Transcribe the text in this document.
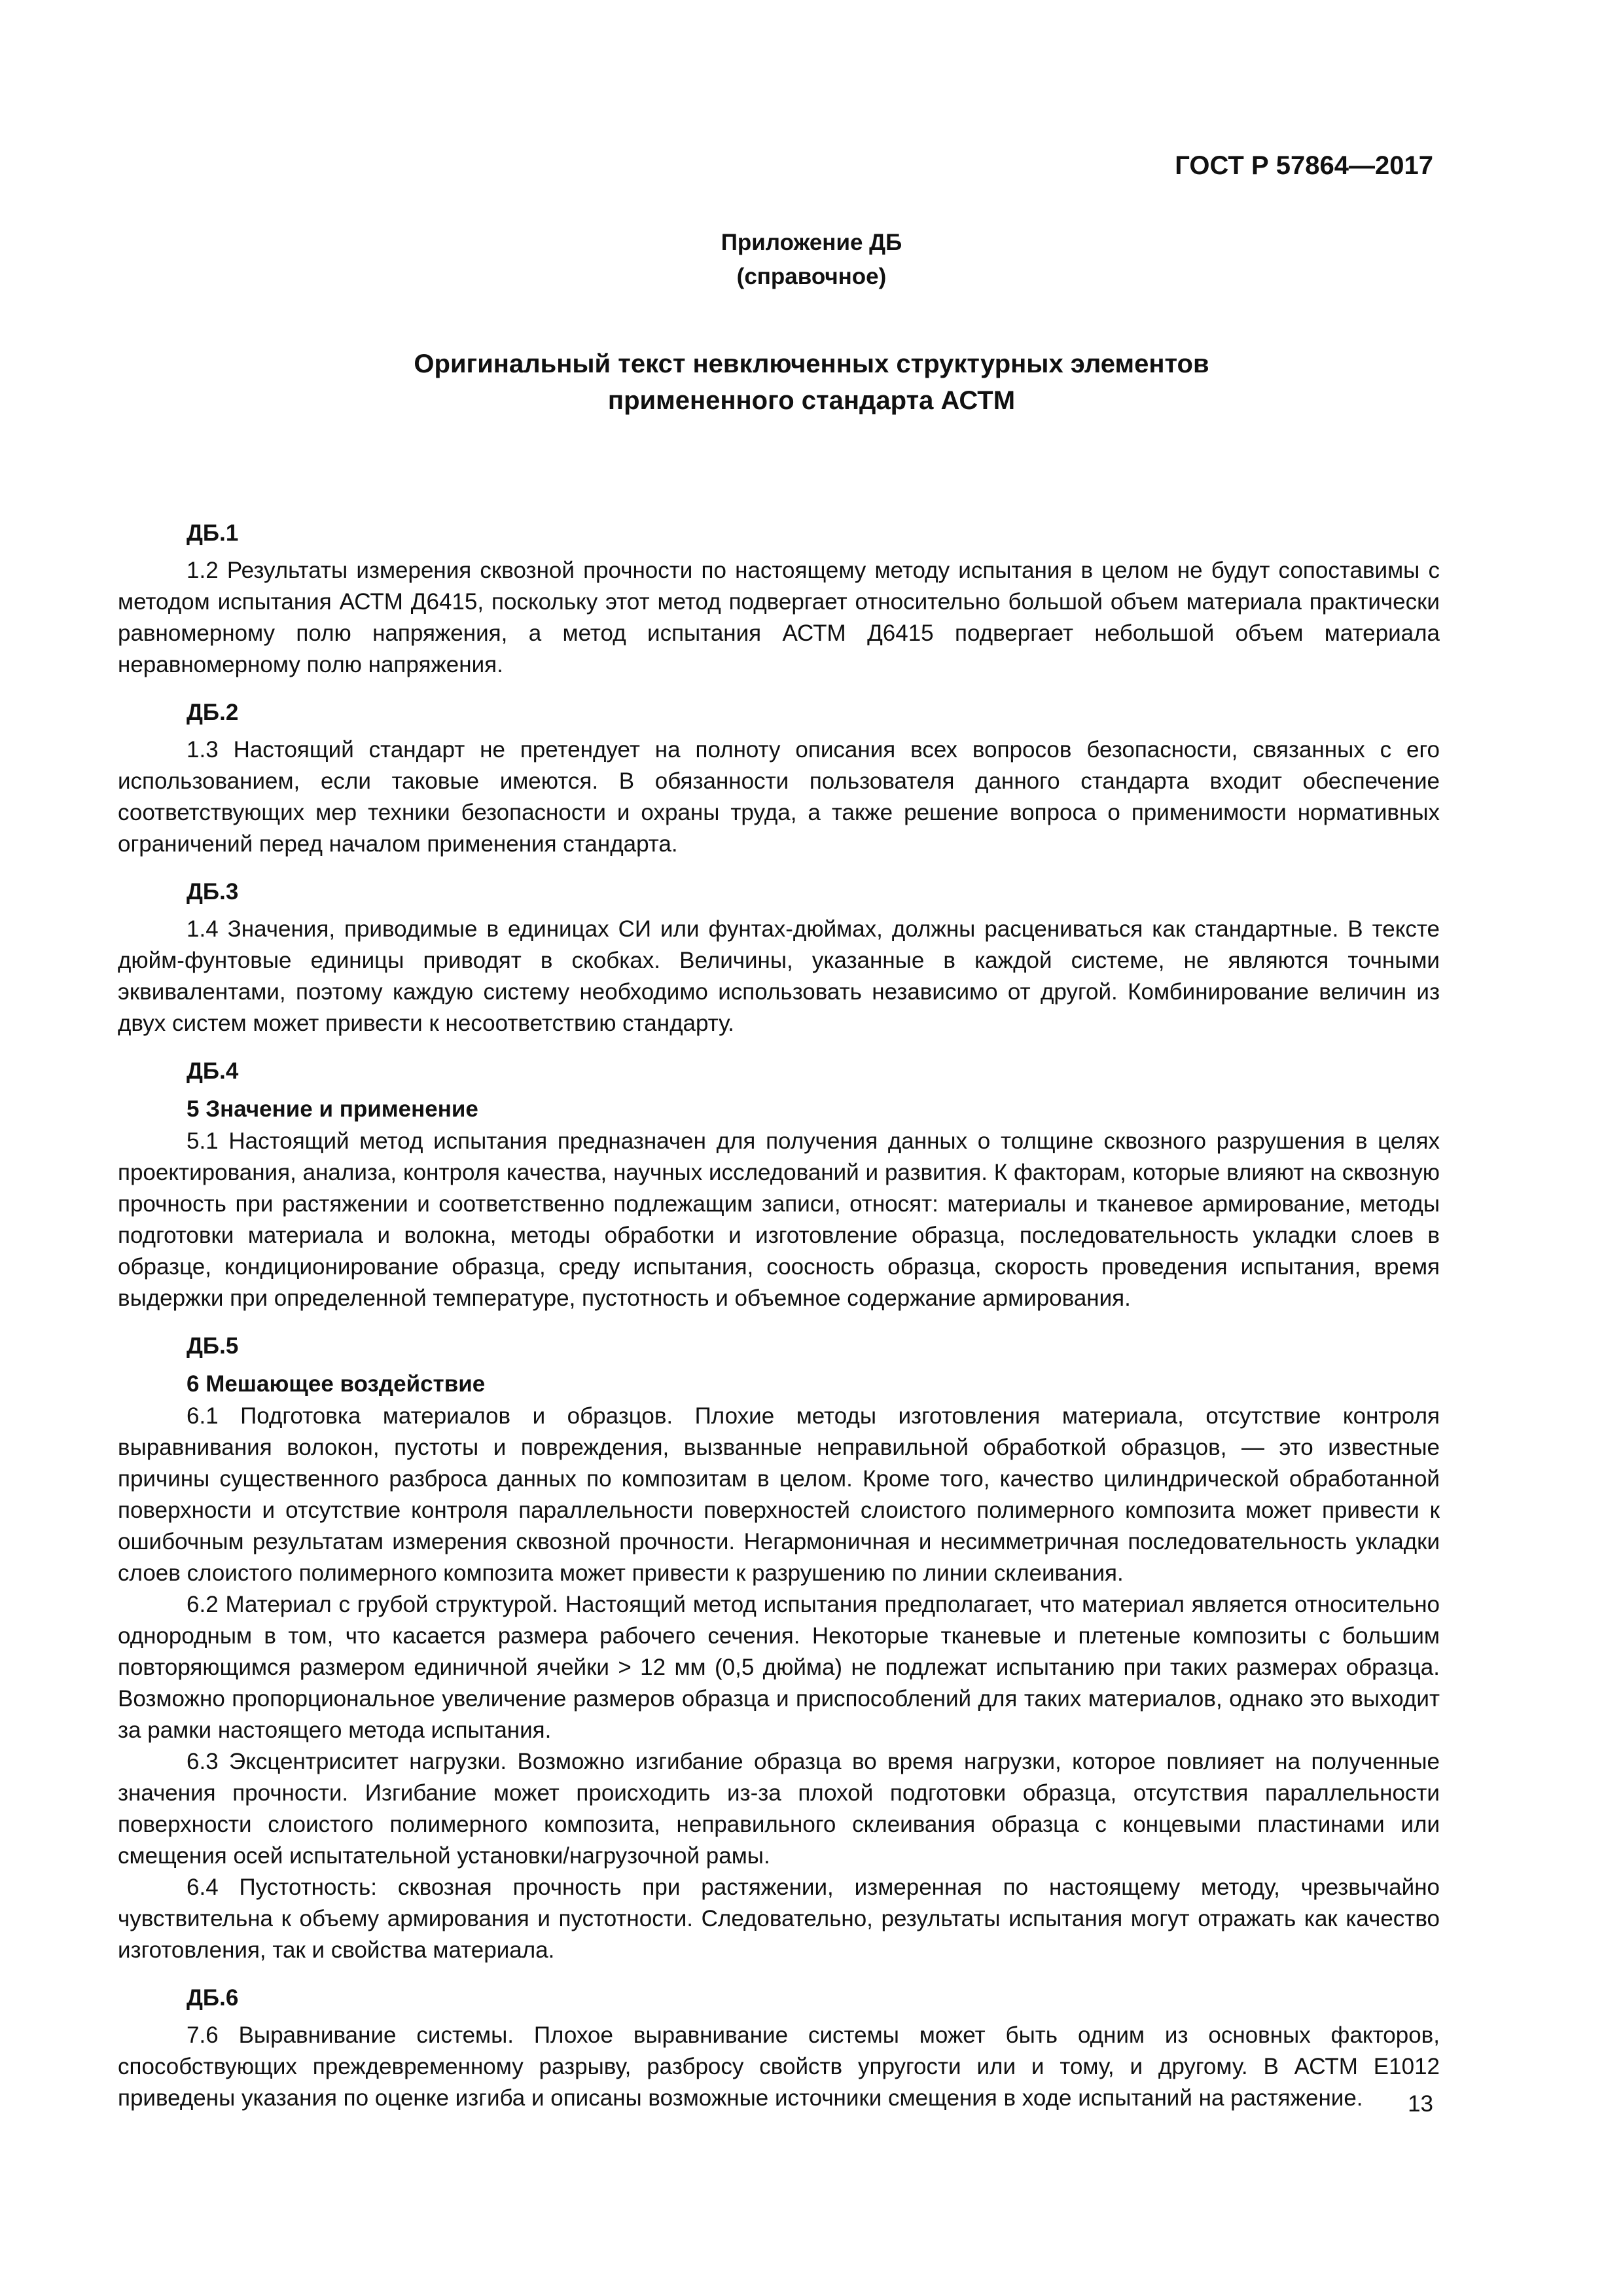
ГОСТ Р 57864—2017
Приложение ДБ
(справочное)
Оригинальный текст невключенных структурных элементов
примененного стандарта АСТМ
ДБ.1

1.2 Результаты измерения сквозной прочности по настоящему методу испытания в целом не будут сопоставимы с методом испытания АСТМ Д6415, поскольку этот метод подвергает относительно большой объем материала практически равномерному полю напряжения, а метод испытания АСТМ Д6415 подвергает небольшой объем материала неравномерному полю напряжения.

ДБ.2

1.3 Настоящий стандарт не претендует на полноту описания всех вопросов безопасности, связанных с его использованием, если таковые имеются. В обязанности пользователя данного стандарта входит обеспечение соответствующих мер техники безопасности и охраны труда, а также решение вопроса о применимости нормативных ограничений перед началом применения стандарта.

ДБ.3

1.4 Значения, приводимые в единицах СИ или фунтах-дюймах, должны расцениваться как стандартные. В тексте дюйм-фунтовые единицы приводят в скобках. Величины, указанные в каждой системе, не являются точными эквивалентами, поэтому каждую систему необходимо использовать независимо от другой. Комбинирование величин из двух систем может привести к несоответствию стандарту.

ДБ.4
5 Значение и применение

5.1 Настоящий метод испытания предназначен для получения данных о толщине сквозного разрушения в целях проектирования, анализа, контроля качества, научных исследований и развития. К факторам, которые влияют на сквозную прочность при растяжении и соответственно подлежащим записи, относят: материалы и тканевое армирование, методы подготовки материала и волокна, методы обработки и изготовление образца, последовательность укладки слоев в образце, кондиционирование образца, среду испытания, соосность образца, скорость проведения испытания, время выдержки при определенной температуре, пустотность и объемное содержание армирования.

ДБ.5
6 Мешающее воздействие

6.1 Подготовка материалов и образцов. Плохие методы изготовления материала, отсутствие контроля выравнивания волокон, пустоты и повреждения, вызванные неправильной обработкой образцов, — это известные причины существенного разброса данных по композитам в целом. Кроме того, качество цилиндрической обработанной поверхности и отсутствие контроля параллельности поверхностей слоистого полимерного композита может привести к ошибочным результатам измерения сквозной прочности. Негармоничная и несимметричная последовательность укладки слоев слоистого полимерного композита может привести к разрушению по линии склеивания.

6.2 Материал с грубой структурой. Настоящий метод испытания предполагает, что материал является относительно однородным в том, что касается размера рабочего сечения. Некоторые тканевые и плетеные композиты с большим повторяющимся размером единичной ячейки > 12 мм (0,5 дюйма) не подлежат испытанию при таких размерах образца. Возможно пропорциональное увеличение размеров образца и приспособлений для таких материалов, однако это выходит за рамки настоящего метода испытания.

6.3 Эксцентриситет нагрузки. Возможно изгибание образца во время нагрузки, которое повлияет на полученные значения прочности. Изгибание может происходить из-за плохой подготовки образца, отсутствия параллельности поверхности слоистого полимерного композита, неправильного склеивания образца с концевыми пластинами или смещения осей испытательной установки/нагрузочной рамы.

6.4 Пустотность: сквозная прочность при растяжении, измеренная по настоящему методу, чрезвычайно чувствительна к объему армирования и пустотности. Следовательно, результаты испытания могут отражать как качество изготовления, так и свойства материала.

ДБ.6

7.6 Выравнивание системы. Плохое выравнивание системы может быть одним из основных факторов, способствующих преждевременному разрыву, разбросу свойств упругости или и тому, и другому. В АСТМ Е1012 приведены указания по оценке изгиба и описаны возможные источники смещения в ходе испытаний на растяжение.	13
